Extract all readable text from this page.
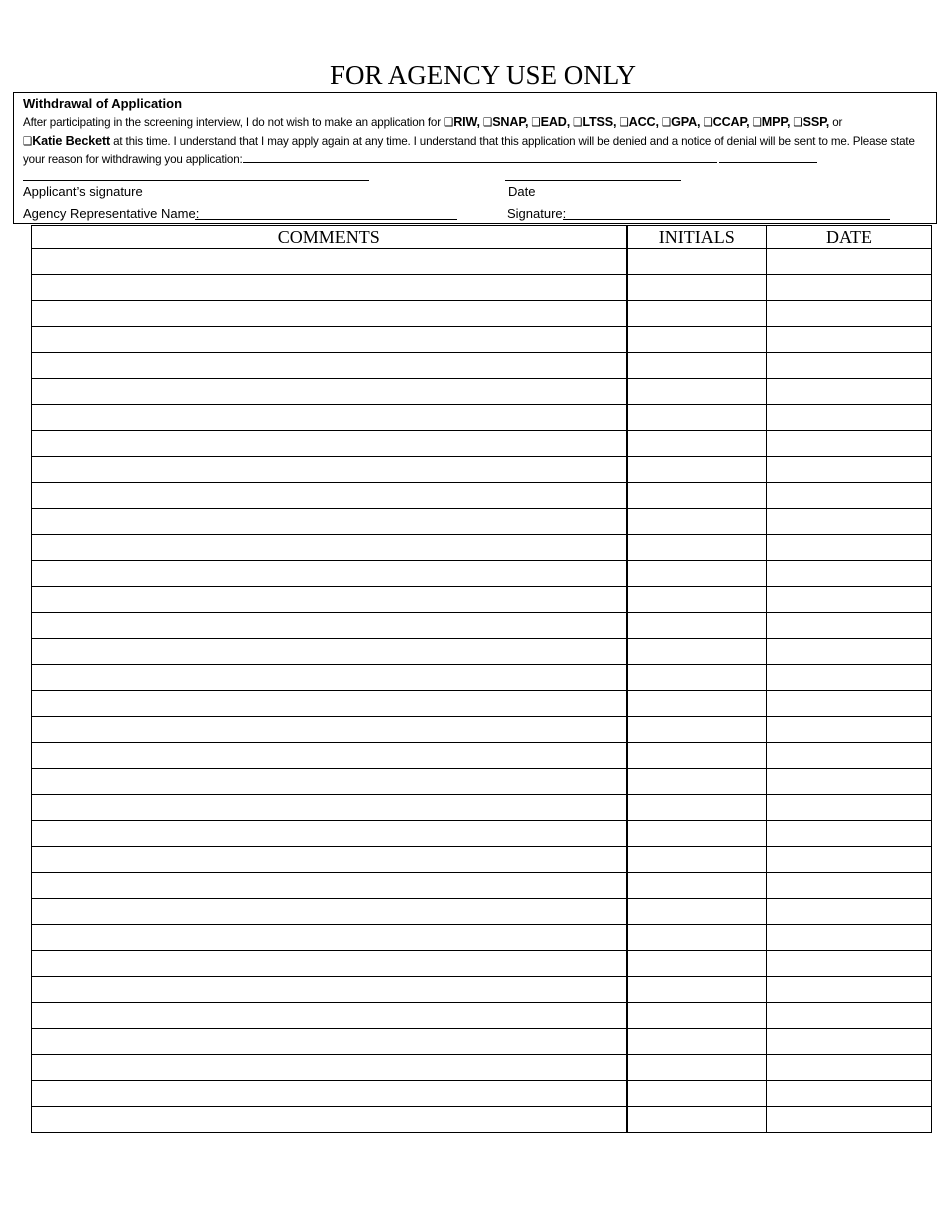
FOR AGENCY USE ONLY
Withdrawal of Application
After participating in the screening interview, I do not wish to make an application for ❑RIW, ❑SNAP, ❑EAD, ❑LTSS, ❑ACC, ❑GPA, ❑CCAP, ❑MPP, ❑SSP, or
❑Katie Beckett at this time. I understand that I may apply again at any time. I understand that this application will be denied and a notice of denial will be sent to me. Please state your reason for withdrawing you application:
Applicant’s signature	Date
Agency Representative Name:	Signature:
COMMENTS	INITIALS	DATE
